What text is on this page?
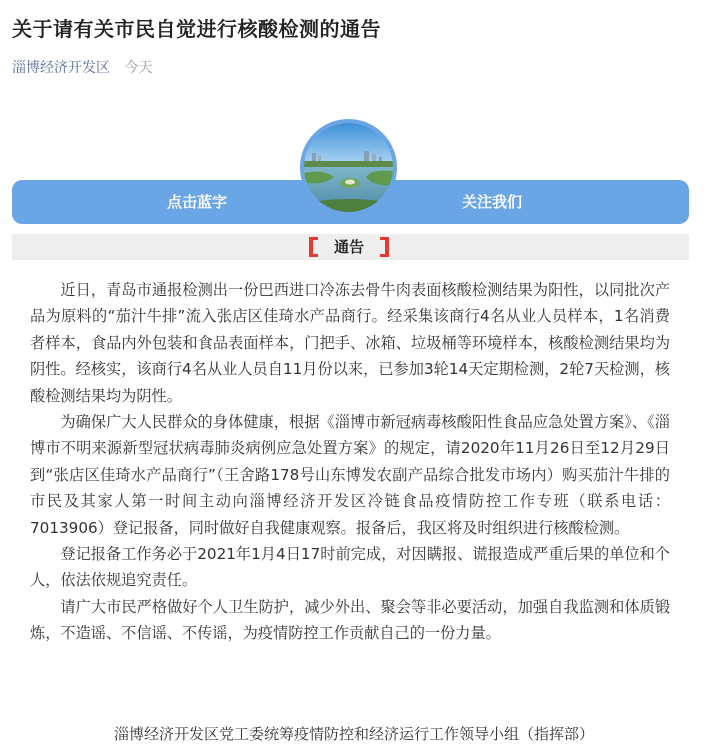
关于请有关市民自觉进行核酸检测的通告
淄博经济开发区 今天
点击蓝字	关注我们
通告

近日，青岛市通报检测出一份巴西进口冷冻去骨牛肉表面核酸检测结果为阳性，以同批次产品为原料的“茄汁牛排”流入张店区佳琦水产品商行。经采集该商行4名从业人员样本，1名消费者样本，食品内外包装和食品表面样本，门把手、冰箱、垃圾桶等环境样本，核酸检测结果均为阴性。经核实，该商行4名从业人员自11月份以来，已参加3轮14天定期检测，2轮7天检测，核酸检测结果均为阴性。

为确保广大人民群众的身体健康，根据《淄博市新冠病毒核酸阳性食品应急处置方案》、《淄博市不明来源新型冠状病毒肺炎病例应急处置方案》的规定，请2020年11月26日至12月29日到“张店区佳琦水产品商行”（王舍路178号山东博发农副产品综合批发市场内）购买茄汁牛排的市民及其家人第一时间主动向淄博经济开发区冷链食品疫情防控工作专班（联系电话：7013906）登记报备，同时做好自我健康观察。报备后，我区将及时组织进行核酸检测。

登记报备工作务必于2021年1月4日17时前完成，对因瞒报、谎报造成严重后果的单位和个人，依法依规追究责任。

请广大市民严格做好个人卫生防护，减少外出、聚会等非必要活动，加强自我监测和体质锻炼，不造谣、不信谣、不传谣，为疫情防控工作贡献自己的一份力量。

淄博经济开发区党工委统筹疫情防控和经济运行工作领导小组（指挥部）
